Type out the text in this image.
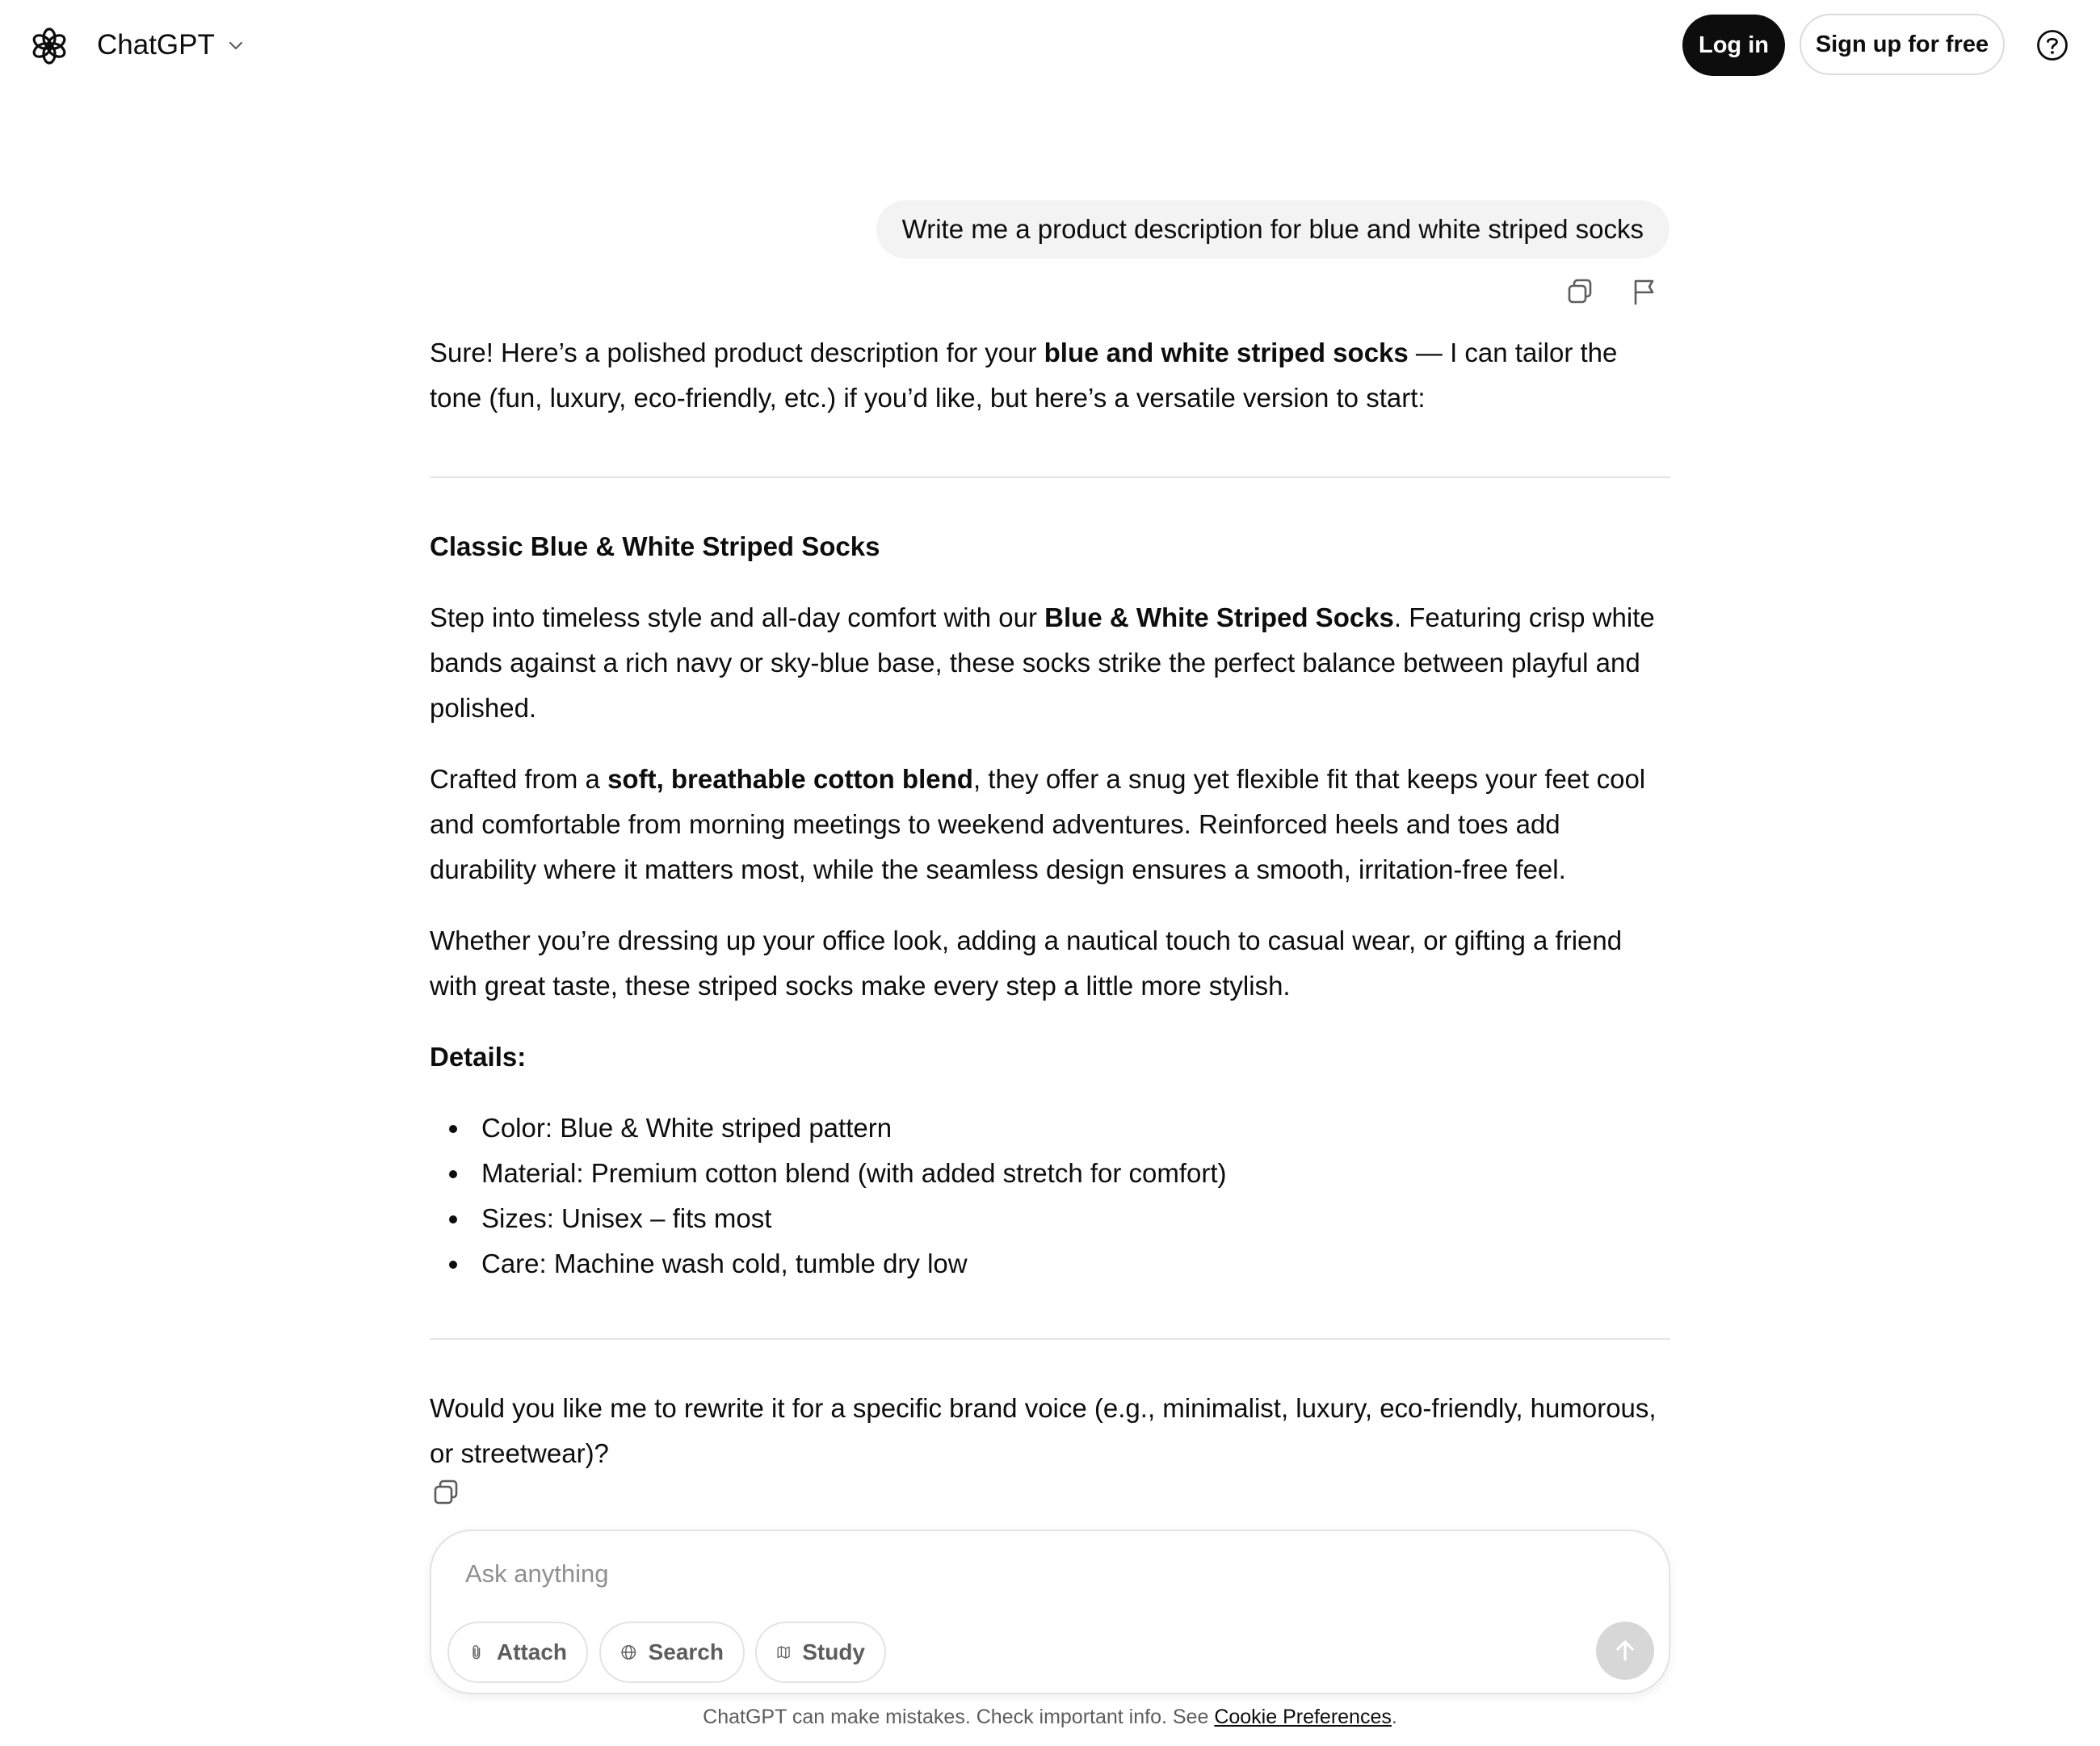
ChatGPT	Log in	Sign up for free
Write me a product description for blue and white striped socks

Sure! Here’s a polished product description for your blue and white striped socks — I can tailor the tone (fun, luxury, eco-friendly, etc.) if you’d like, but here’s a versatile version to start:

Classic Blue & White Striped Socks

Step into timeless style and all-day comfort with our Blue & White Striped Socks. Featuring crisp white bands against a rich navy or sky-blue base, these socks strike the perfect balance between playful and polished.

Crafted from a soft, breathable cotton blend, they offer a snug yet flexible fit that keeps your feet cool and comfortable from morning meetings to weekend adventures. Reinforced heels and toes add durability where it matters most, while the seamless design ensures a smooth, irritation-free feel.

Whether you’re dressing up your office look, adding a nautical touch to casual wear, or gifting a friend with great taste, these striped socks make every step a little more stylish.

Details:

Color: Blue & White striped pattern
Material: Premium cotton blend (with added stretch for comfort)
Sizes: Unisex – fits most
Care: Machine wash cold, tumble dry low

Would you like me to rewrite it for a specific brand voice (e.g., minimalist, luxury, eco-friendly, humorous, or streetwear)?

Ask anything
Attach	Search	Study
ChatGPT can make mistakes. Check important info. See Cookie Preferences.
